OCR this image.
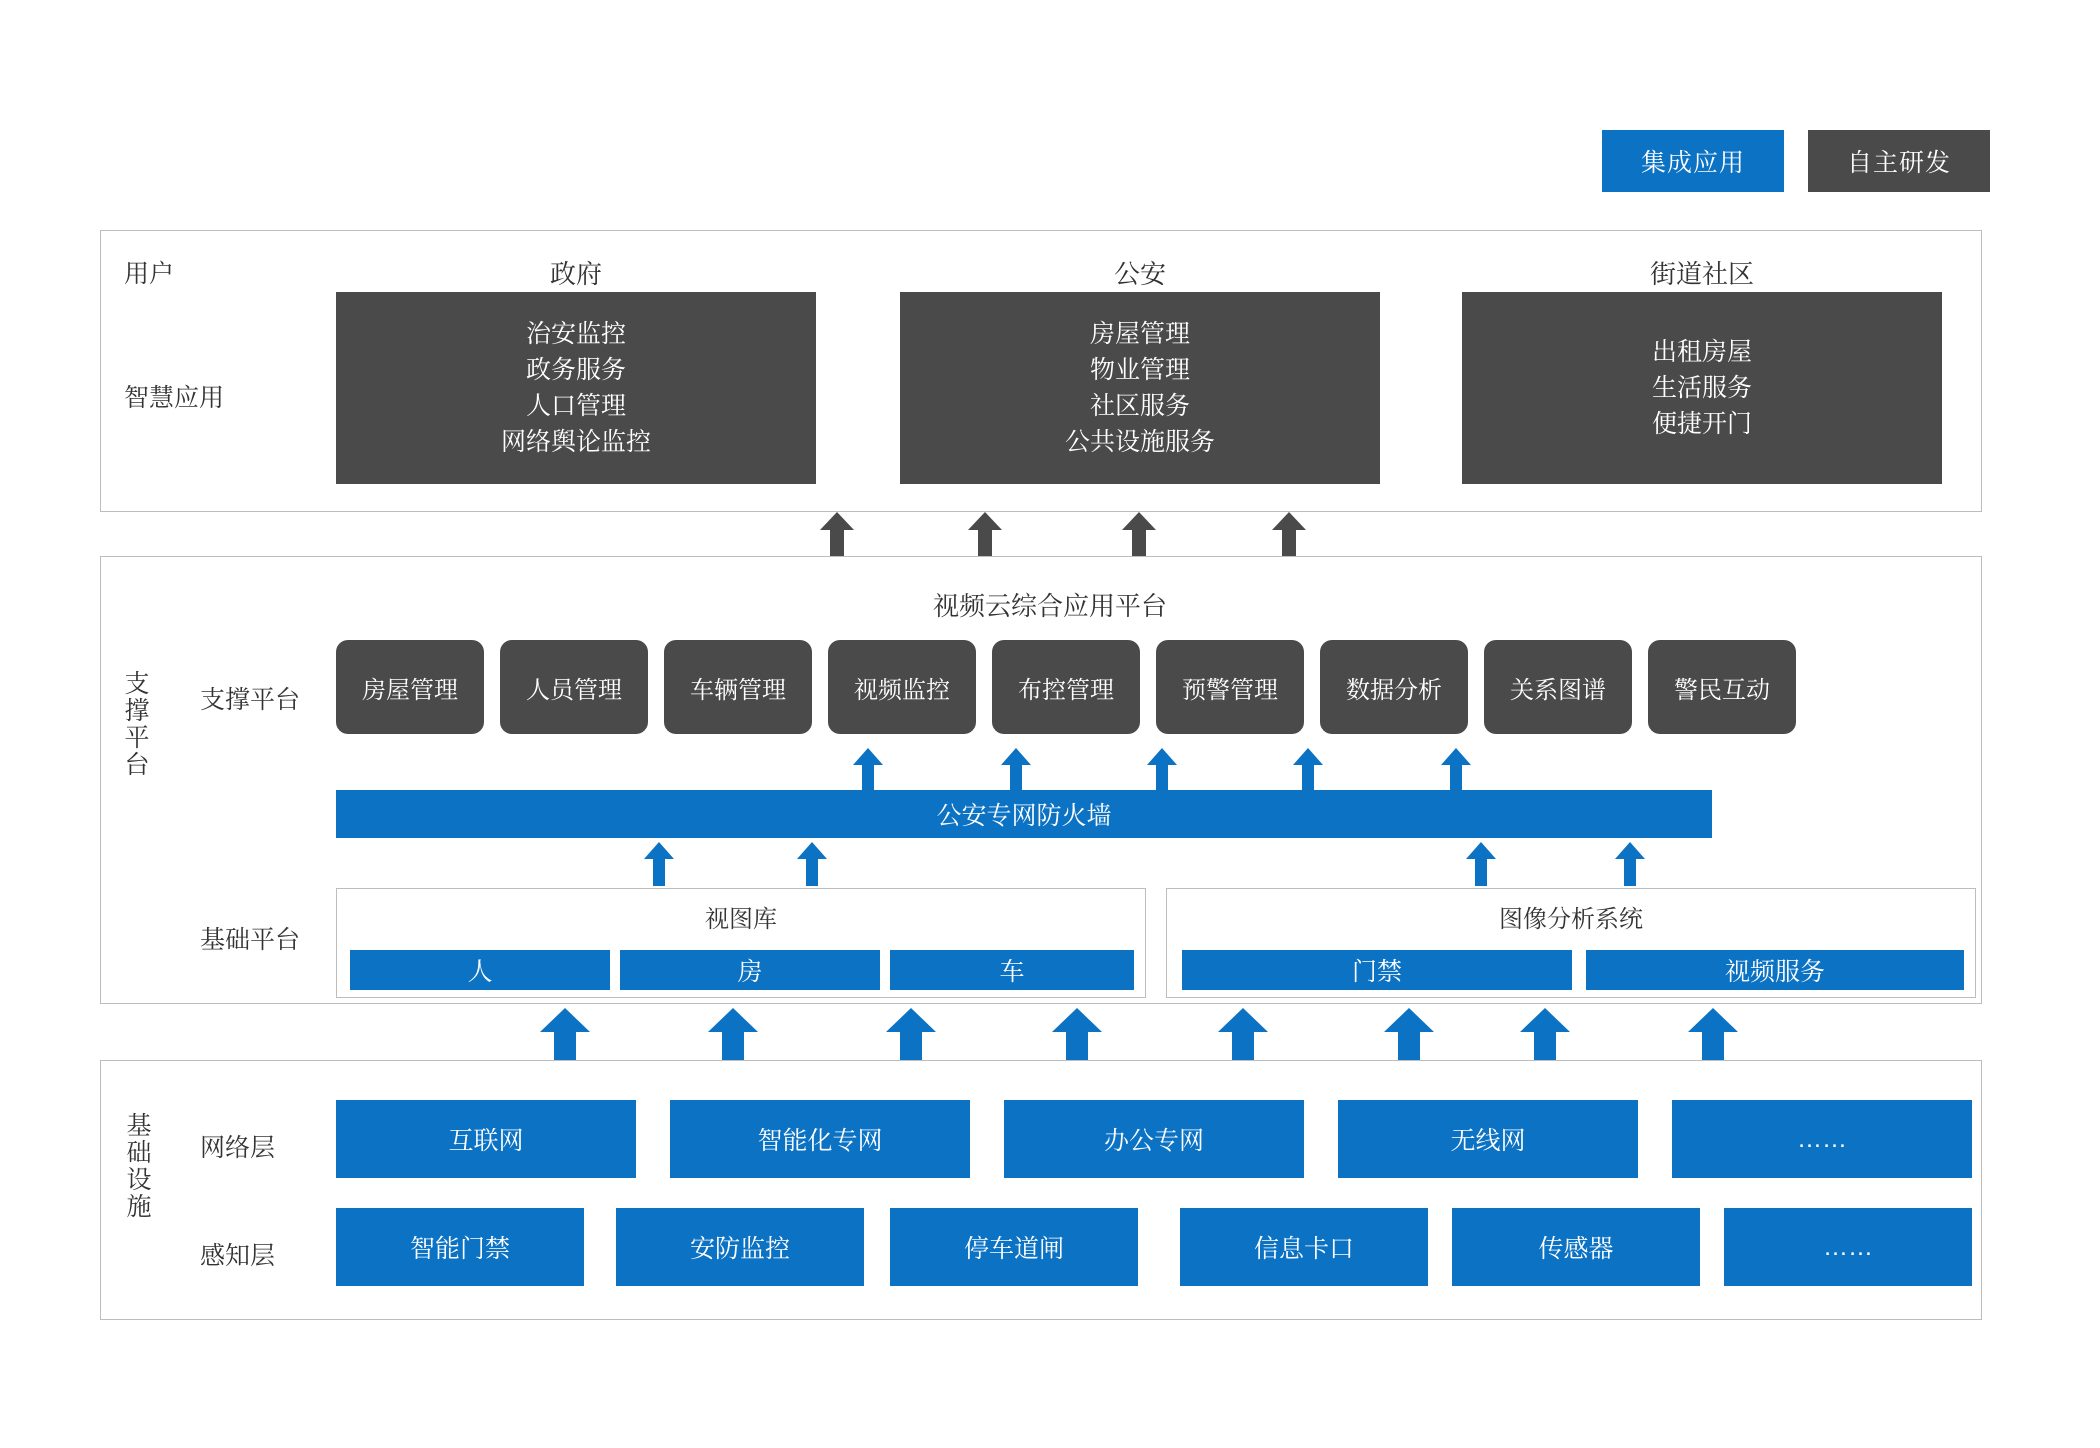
集成应用	自主研发
用户
智慧应用
政府	公安	街道社区
治安监控
政务服务
人口管理
网络舆论监控
房屋管理
物业管理
社区服务
公共设施服务
出租房屋
生活服务
便捷开门
支撑平台
视频云综合应用平台
支撑平台
基础平台
房屋管理	人员管理	车辆管理	视频监控	布控管理	预警管理	数据分析	关系图谱	警民互动
公安专网防火墙
视图库
人	房	车
图像分析系统
门禁	视频服务
基础设施 网络层
感知层
互联网	智能化专网	办公专网	无线网	……
智能门禁	安防监控	停车道闸	信息卡口	传感器	……
